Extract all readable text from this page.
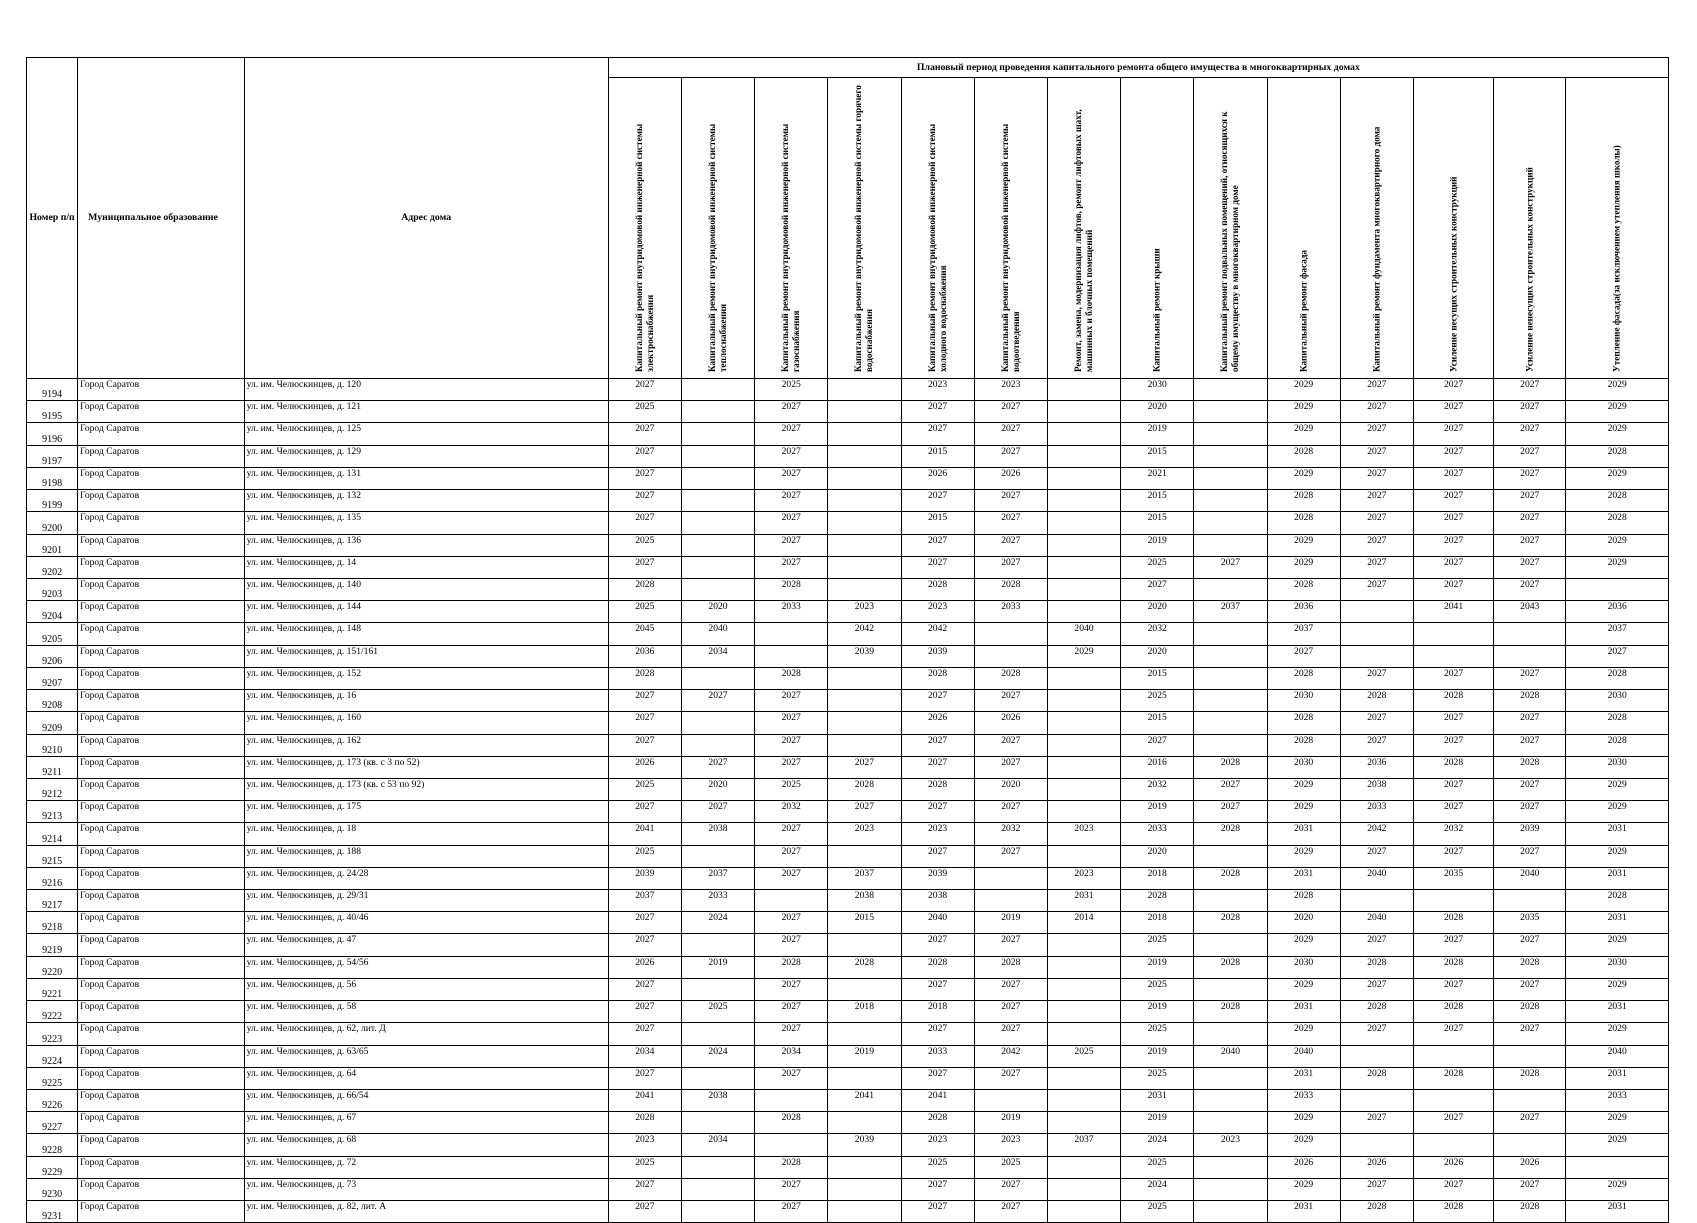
Номер п/п	Муниципальное образование	Адрес дома	Плановый период проведения капитального ремонта общего имущества в многоквартирных домах													

			Капитальный ремонт внутридомовой инженерной системы электроснабжения	Капитальный ремонт внутридомовой инженерной системы теплоснабжения	Капитальный ремонт внутридомовой инженерной системы газоснабжения	Капитальный ремонт внутридомовой инженерной системы горячего водоснабжения	Капитальный ремонт внутридомовой инженерной системы холодного водоснабжения	Капитальный ремонт внутридомовой инженерной системы водоотведения	Ремонт, замена, модернизация лифтов, ремонт лифтовых шахт, машинных и блочных помещений	Капитальный ремонт крыши	Капитальный ремонт подвальных помещений, относящихся к общему имуществу в многоквартирном доме	Капитальный ремонт фасада	Капитальный ремонт фундамента многоквартирного дома	Усиление несущих строительных конструкций	Усиление ненесущих строительных конструкций	Утепление фасада(за исключением утепления школы)

9194	Город Саратов	ул. им. Челюскинцев, д. 120	2027		2025		2023	2023		2030		2029	2027	2027	2027	2029
9195	Город Саратов	ул. им. Челюскинцев, д. 121	2025		2027		2027	2027		2020		2029	2027	2027	2027	2029
9196	Город Саратов	ул. им. Челюскинцев, д. 125	2027		2027		2027	2027		2019		2029	2027	2027	2027	2029
9197	Город Саратов	ул. им. Челюскинцев, д. 129	2027		2027		2015	2027		2015		2028	2027	2027	2027	2028
9198	Город Саратов	ул. им. Челюскинцев, д. 131	2027		2027		2026	2026		2021		2029	2027	2027	2027	2029
9199	Город Саратов	ул. им. Челюскинцев, д. 132	2027		2027		2027	2027		2015		2028	2027	2027	2027	2028
9200	Город Саратов	ул. им. Челюскинцев, д. 135	2027		2027		2015	2027		2015		2028	2027	2027	2027	2028
9201	Город Саратов	ул. им. Челюскинцев, д. 136	2025		2027		2027	2027		2019		2029	2027	2027	2027	2029
9202	Город Саратов	ул. им. Челюскинцев, д. 14	2027		2027		2027	2027		2025	2027	2029	2027	2027	2027	2029
9203	Город Саратов	ул. им. Челюскинцев, д. 140	2028		2028		2028	2028		2027		2028	2027	2027	2027	
9204	Город Саратов	ул. им. Челюскинцев, д. 144	2025	2020	2033	2023	2023	2033		2020	2037	2036		2041	2043	2036
9205	Город Саратов	ул. им. Челюскинцев, д. 148	2045	2040		2042	2042		2040	2032		2037				2037
9206	Город Саратов	ул. им. Челюскинцев, д. 151/161	2036	2034		2039	2039		2029	2020		2027				2027
9207	Город Саратов	ул. им. Челюскинцев, д. 152	2028		2028		2028	2028		2015		2028	2027	2027	2027	2028
9208	Город Саратов	ул. им. Челюскинцев, д. 16	2027	2027	2027		2027	2027		2025		2030	2028	2028	2028	2030
9209	Город Саратов	ул. им. Челюскинцев, д. 160	2027		2027		2026	2026		2015		2028	2027	2027	2027	2028
9210	Город Саратов	ул. им. Челюскинцев, д. 162	2027		2027		2027	2027		2027		2028	2027	2027	2027	2028
9211	Город Саратов	ул. им. Челюскинцев, д. 173 (кв. с 3 по 52)	2026	2027	2027	2027	2027	2027		2016	2028	2030	2036	2028	2028	2030
9212	Город Саратов	ул. им. Челюскинцев, д. 173 (кв. с 53 по 92)	2025	2020	2025	2028	2028	2020		2032	2027	2029	2038	2027	2027	2029
9213	Город Саратов	ул. им. Челюскинцев, д. 175	2027	2027	2032	2027	2027	2027		2019	2027	2029	2033	2027	2027	2029
9214	Город Саратов	ул. им. Челюскинцев, д. 18	2041	2038	2027	2023	2023	2032	2023	2033	2028	2031	2042	2032	2039	2031
9215	Город Саратов	ул. им. Челюскинцев, д. 188	2025		2027		2027	2027		2020		2029	2027	2027	2027	2029
9216	Город Саратов	ул. им. Челюскинцев, д. 24/28	2039	2037	2027	2037	2039		2023	2018	2028	2031	2040	2035	2040	2031
9217	Город Саратов	ул. им. Челюскинцев, д. 29/31	2037	2033		2038	2038		2031	2028		2028				2028
9218	Город Саратов	ул. им. Челюскинцев, д. 40/46	2027	2024	2027	2015	2040	2019	2014	2018	2028	2020	2040	2028	2035	2031
9219	Город Саратов	ул. им. Челюскинцев, д. 47	2027		2027		2027	2027		2025		2029	2027	2027	2027	2029
9220	Город Саратов	ул. им. Челюскинцев, д. 54/56	2026	2019	2028	2028	2028	2028		2019	2028	2030	2028	2028	2028	2030
9221	Город Саратов	ул. им. Челюскинцев, д. 56	2027		2027		2027	2027		2025		2029	2027	2027	2027	2029
9222	Город Саратов	ул. им. Челюскинцев, д. 58	2027	2025	2027	2018	2018	2027		2019	2028	2031	2028	2028	2028	2031
9223	Город Саратов	ул. им. Челюскинцев, д. 62, лит. Д	2027		2027		2027	2027		2025		2029	2027	2027	2027	2029
9224	Город Саратов	ул. им. Челюскинцев, д. 63/65	2034	2024	2034	2019	2033	2042	2025	2019	2040	2040				2040
9225	Город Саратов	ул. им. Челюскинцев, д. 64	2027		2027		2027	2027		2025		2031	2028	2028	2028	2031
9226	Город Саратов	ул. им. Челюскинцев, д. 66/54	2041	2038		2041	2041			2031		2033				2033
9227	Город Саратов	ул. им. Челюскинцев, д. 67	2028		2028		2028	2019		2019		2029	2027	2027	2027	2029
9228	Город Саратов	ул. им. Челюскинцев, д. 68	2023	2034		2039	2023	2023	2037	2024	2023	2029				2029
9229	Город Саратов	ул. им. Челюскинцев, д. 72	2025		2028		2025	2025		2025		2026	2026	2026	2026	
9230	Город Саратов	ул. им. Челюскинцев, д. 73	2027		2027		2027	2027		2024		2029	2027	2027	2027	2029
9231	Город Саратов	ул. им. Челюскинцев, д. 82, лит. А	2027		2027		2027	2027		2025		2031	2028	2028	2028	2031
